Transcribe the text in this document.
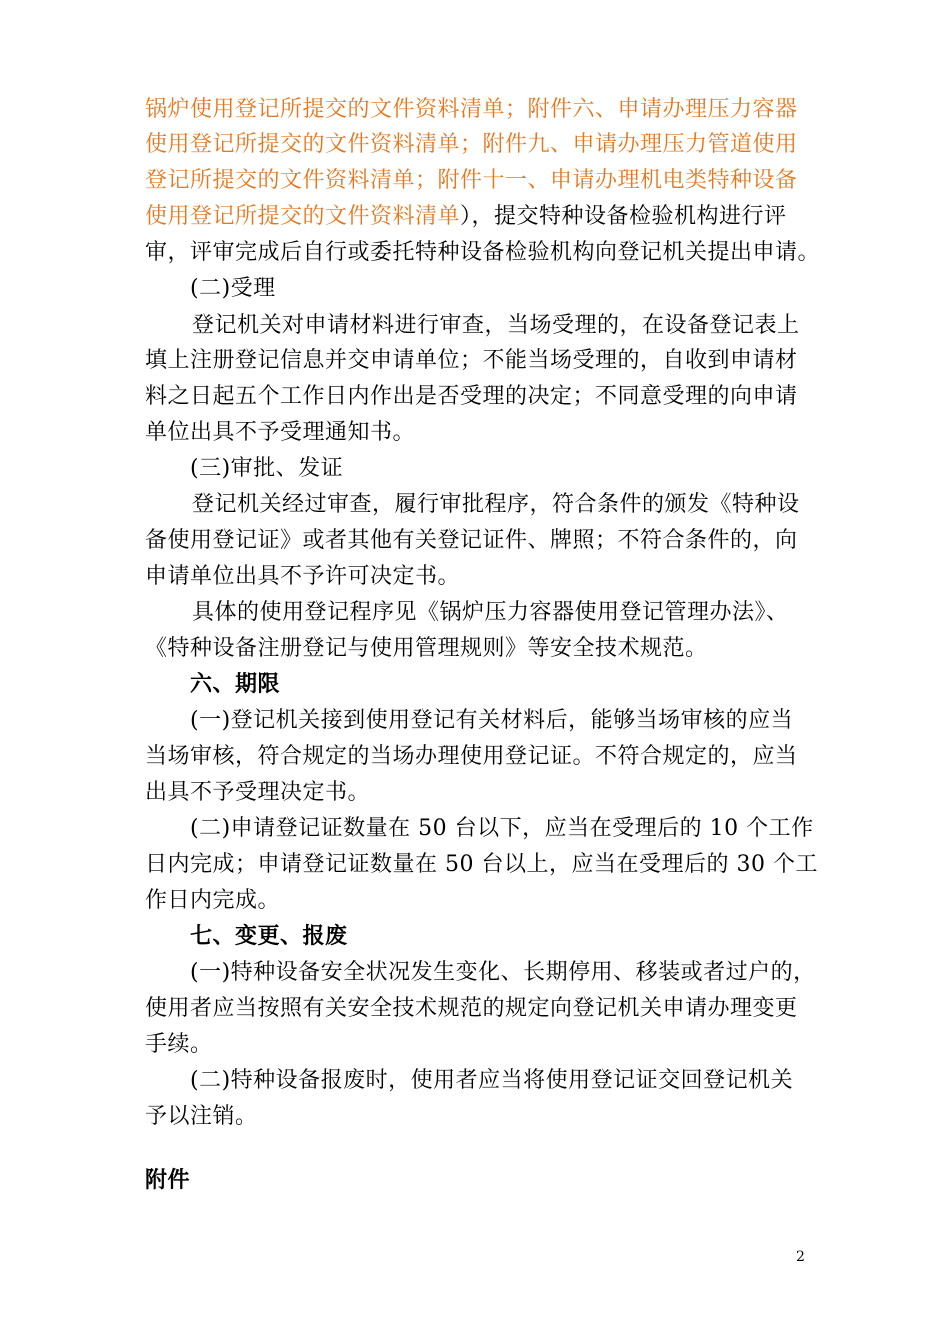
锅炉使用登记所提交的文件资料清单；附件六、申请办理压力容器
使用登记所提交的文件资料清单；附件九、申请办理压力管道使用
登记所提交的文件资料清单；附件十一、申请办理机电类特种设备
使用登记所提交的文件资料清单），提交特种设备检验机构进行评
审，评审完成后自行或委托特种设备检验机构向登记机关提出申请。
(二)受理
登记机关对申请材料进行审查，当场受理的，在设备登记表上
填上注册登记信息并交申请单位；不能当场受理的，自收到申请材
料之日起五个工作日内作出是否受理的决定；不同意受理的向申请
单位出具不予受理通知书。
(三)审批、发证
登记机关经过审查，履行审批程序，符合条件的颁发《特种设
备使用登记证》或者其他有关登记证件、牌照；不符合条件的，向
申请单位出具不予许可决定书。
具体的使用登记程序见《锅炉压力容器使用登记管理办法》、
《特种设备注册登记与使用管理规则》等安全技术规范。
六、期限
(一)登记机关接到使用登记有关材料后，能够当场审核的应当
当场审核，符合规定的当场办理使用登记证。不符合规定的，应当
出具不予受理决定书。
(二)申请登记证数量在 50 台以下，应当在受理后的 10 个工作
日内完成；申请登记证数量在 50 台以上，应当在受理后的 30 个工
作日内完成。
七、变更、报废
(一)特种设备安全状况发生变化、长期停用、移装或者过户的，
使用者应当按照有关安全技术规范的规定向登记机关申请办理变更
手续。
(二)特种设备报废时，使用者应当将使用登记证交回登记机关
予以注销。
附件
2
